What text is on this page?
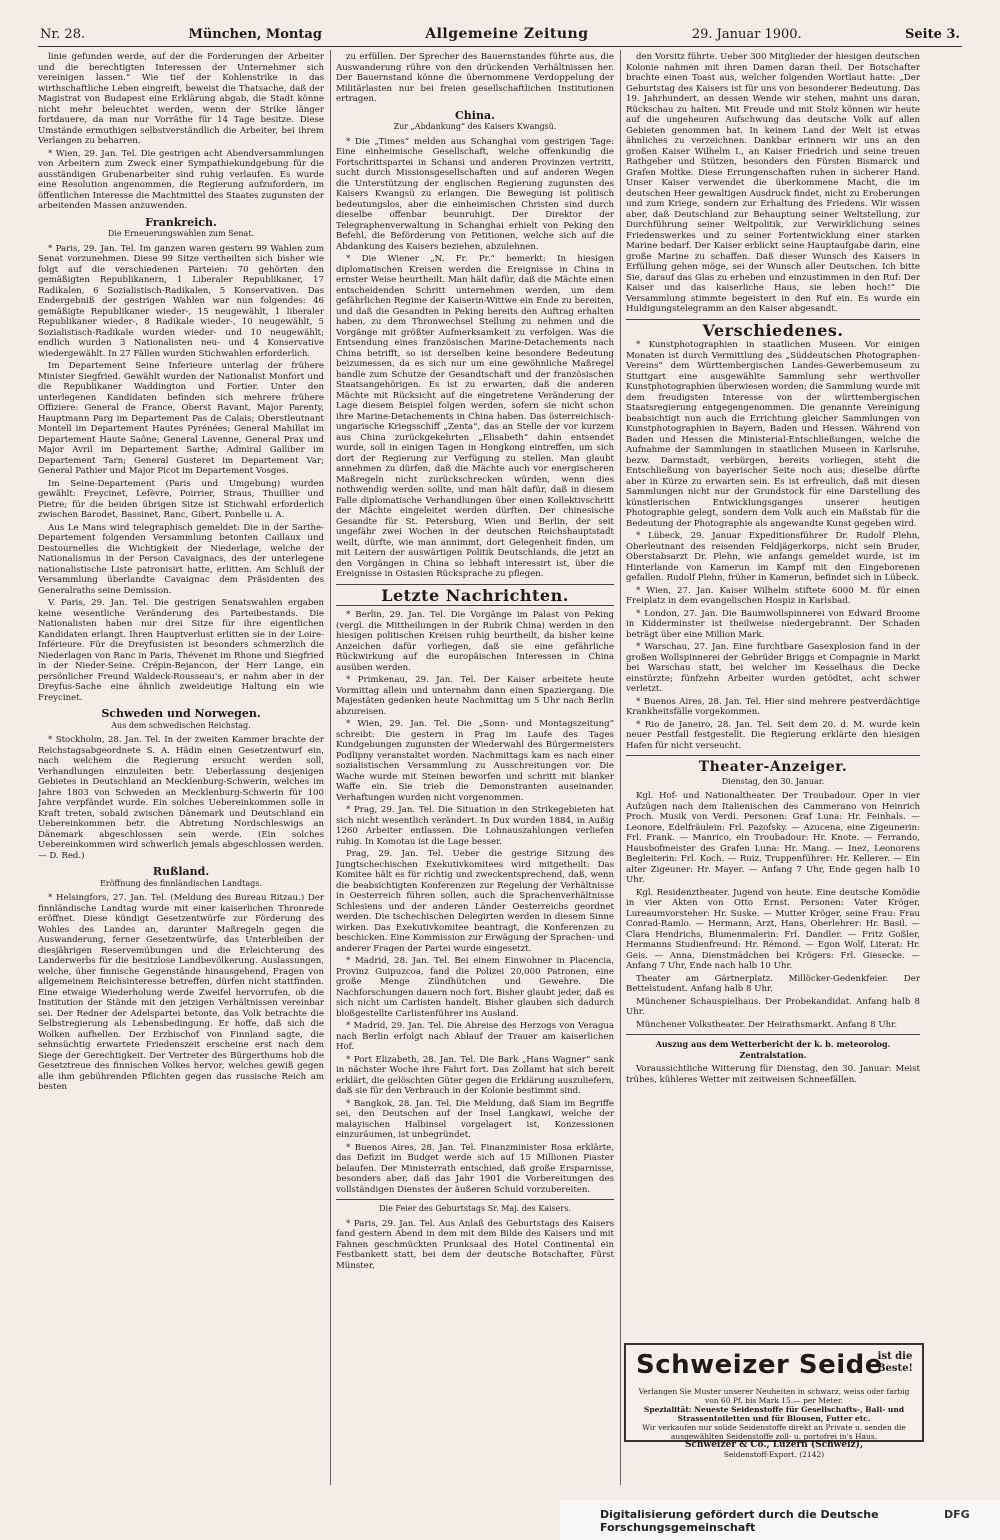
Nr. 28.	München, Montag	Allgemeine Zeitung	29. Januar 1900.	Seite 3.

linie gefunden werde, auf der die Forderungen der Arbeiter und die berechtigten Interessen der Unternehmer sich vereinigen lassen.“ Wie tief der Kohlenstrike in das wirthschaftliche Leben eingreift, beweist die Thatsache, daß der Magistrat von Budapest eine Erklärung abgab, die Stadt könne nicht mehr beleuchtet werden, wenn der Strike länger fortdauere, da man nur Vorräthe für 14 Tage besitze. Diese Umstände ermuthigen selbstverständlich die Arbeiter, bei ihrem Verlangen zu beharren.

* Wien, 29. Jan. Tel. Die gestrigen acht Abendversammlungen von Arbeitern zum Zweck einer Sympathiekundgebung für die ausständigen Grubenarbeiter sind ruhig verlaufen. Es wurde eine Resolution angenommen, die Regierung aufzufordern, im öffentlichen Interesse die Machtmittel des Staates zugunsten der arbeitenden Massen anzuwenden.

Frankreich.
Die Erneuerungswahlen zum Senat.

* Paris, 29. Jan. Tel. Im ganzen waren gestern 99 Wahlen zum Senat vorzunehmen. Diese 99 Sitze vertheilten sich bisher wie folgt auf die verschiedenen Parteien: 70 gehörten den gemäßigten Republikanern, 1 Liberaler Republikaner, 17 Radikalen, 6 Sozialistisch-Radikalen, 5 Konservativen. Das Endergebniß der gestrigen Wahlen war nun folgendes: 46 gemäßigte Republikaner wieder-, 15 neugewählt, 1 liberaler Republikaner wieder-, 8 Radikale wieder-, 10 neugewählt, 5 Sozialistisch-Radikale wurden wieder- und 10 neugewählt; endlich wurden 3 Nationalisten neu- und 4 Konservative wiedergewählt. In 27 Fällen wurden Stichwahlen erforderlich.

Im Departement Seine Inferieure unterlag der frühere Minister Siegfried. Gewählt wurden der Nationalist Monfort und die Republikaner Waddington und Fortier. Unter den unterlegenen Kandidaten befinden sich mehrere frühere Offiziere: General de France, Oberst Ravant, Major Parenty, Hauptmann Parg im Departement Pas de Calais; Oberstleutnant Montell im Departement Hautes Pyrénées; General Mahillat im Departement Haute Saône; General Lavenne, General Prax und Major Avril im Departement Sarthe; Admiral Galliber im Departement Tarn; General Gusteret im Departement Var; General Pathier und Major Picot im Departement Vosges.

Im Seine-Departement (Paris und Umgebung) wurden gewählt: Freycinet, Lefèvre, Poirrier, Straus, Thuillier und Pietre; für die beiden übrigen Sitze ist Stichwahl erforderlich zwischen Barodet, Bassinet, Ranc, Gibert, Ponbelle u. A.

Aus Le Mans wird telegraphisch gemeldet: Die in der Sarthe-Departement folgenden Versammlung betonten Caillaux und Destournelles die Wichtigkeit der Niederlage, welche der Nationalismus in der Person Cavaignacs, des der unterlegene nationalistische Liste patronisirt hatte, erlitten. Am Schluß der Versammlung überlandte Cavaignac dem Präsidenten des Generalraths seine Demission.

V. Paris, 29. Jan. Tel. Die gestrigen Senatswahlen ergaben keine wesentliche Veränderung des Parteibestands. Die Nationalisten haben nur drei Sitze für ihre eigentlichen Kandidaten erlangt. Ihren Hauptverlust erlitten sie in der Loire-Inférieure. Für die Dreyfusisten ist besonders schmerzlich die Niederlagen von Ranc in Paris, Thévenet im Rhone und Siegfried in der Nieder-Seine. Crépin-Bejancon, der Herr Lange, ein persönlicher Freund Waldeck-Rousseau's, er nahm aber in der Dreyfus-Sache eine ähnlich zweideutige Haltung ein wie Freycinet.

Schweden und Norwegen.
Aus dem schwedischen Reichstag.

* Stockholm, 28. Jan. Tel. In der zweiten Kammer brachte der Reichstagsabgeordnete S. A. Hädin einen Gesetzentwurf ein, nach welchem die Regierung ersucht werden soll, Verhandlungen einzuleiten betr. Ueberlassung desjenigen Gebietes in Deutschland an Mecklenburg-Schwerin, welches im Jahre 1803 von Schweden an Mecklenburg-Schwerin für 100 Jahre verpfändet wurde. Ein solches Uebereinkommen solle in Kraft treten, sobald zwischen Dänemark und Deutschland ein Uebereinkommen betr. die Abtretung Nordschleswigs an Dänemark abgeschlossen sein werde. (Ein solches Uebereinkommen wird schwerlich jemals abgeschlossen werden. — D. Red.)

Rußland.
Eröffnung des finnländischen Landtags.

* Helsingfors, 27. Jan. Tel. (Meldung des Bureau Ritzau.) Der finnländische Landtag wurde mit einer kaiserlichen Thronrede eröffnet. Diese kündigt Gesetzentwürfe zur Förderung des Wohles des Landes an, darunter Maßregeln gegen die Auswanderung, ferner Gesetzentwürfe, das Unterbleiben der diesjährigen Reservemübungen und die Erleichterung des Landerwerbs für die besitzlose Landbevölkerung. Auslassungen, welche, über finnische Gegenstände hinausgehend, Fragen von allgemeinem Reichsinteresse betreffen, dürfen nicht stattfinden. Eine etwaige Wiederholung werde Zweifel hervorrufen, ob die Institution der Stände mit den jetzigen Verhältnissen vereinbar sei. Der Redner der Adelspartei betonte, das Volk betrachte die Selbstregierung als Lebensbedingung. Er hoffe, daß sich die Wolken aufhellen. Der Erzbischof von Finnland sagte, die sehnsüchtig erwartete Friedenszeit erscheine erst nach dem Siege der Gerechtigkeit. Der Vertreter des Bürgerthums hob die Gesetztreue des finnischen Volkes hervor, welches gewiß gegen alle ihm gebührenden Pflichten gegen das russische Reich am besten

zu erfüllen. Der Sprecher des Bauernstandes führte aus, die Auswanderung rühre von den drückenden Verhältnissen her. Der Bauernstand könne die übernommene Verdoppelung der Militärlasten nur bei freien gesellschaftlichen Institutionen ertragen.

China.
Zur „Abdankung“ des Kaisers Kwangsü.

* Die „Times“ melden aus Schanghai vom gestrigen Tage: Eine einheimische Gesellschaft, welche offenkundig die Fortschrittspartei in Schansi und anderen Provinzen vertritt, sucht durch Missionsgesellschaften und auf anderen Wegen die Unterstützung der englischen Regierung zugunsten des Kaisers Kwangsü zu erlangen. Die Bewegung ist politisch bedeutungslos, aber die einheimischen Christen sind durch dieselbe offenbar beunruhigt. Der Direktor der Telegraphenverwaltung in Schanghai erhielt von Peking den Befehl, die Beförderung von Petitionen, welche sich auf die Abdankung des Kaisers beziehen, abzulehnen.

* Die Wiener „N. Fr. Pr.“ bemerkt: In hiesigen diplomatischen Kreisen werden die Ereignisse in China in ernster Weise beurtheilt. Man hält dafür, daß die Mächte einen entscheidenden Schritt unternehmen werden, um dem gefährlichen Regime der Kaiserin-Wittwe ein Ende zu bereiten, und daß die Gesandten in Peking bereits den Auftrag erhalten haben, zu dem Thronwechsel Stellung zu nehmen und die Vorgänge mit größter Aufmerksamkeit zu verfolgen. Was die Entsendung eines französischen Marine-Detachements nach China betrifft, so ist derselben keine besondere Bedeutung beizumessen, da es sich nur um eine gewöhnliche Maßregel handle zum Schutze der Gesandtschaft und der französischen Staatsangehörigen. Es ist zu erwarten, daß die anderen Mächte mit Rücksicht auf die eingetretene Veränderung der Lage diesem Beispiel folgen werden, sofern sie nicht schon ihre Marine-Detachements in China haben. Das österreichisch-ungarische Kriegsschiff „Zenta“, das an Stelle der vor kurzem aus China zurückgekehrten „Elisabeth“ dahin entsendet wurde, soll in einigen Tagen in Hongkong eintreffen, um sich dort der Regierung zur Verfügung zu stellen. Man glaubt annehmen zu dürfen, daß die Mächte auch vor energischeren Maßregeln nicht zurückschrecken würden, wenn dies nothwendig werden sollte, und man hält dafür, daß in diesem Falle diplomatische Verhandlungen über einen Kollektivschritt der Mächte eingeleitet werden dürften. Der chinesische Gesandte für St. Petersburg, Wien und Berlin, der seit ungefähr zwei Wochen in der deutschen Reichshauptstadt weilt, dürfte, wie man annimmt, dort Gelegenheit finden, um mit Leitern der auswärtigen Politik Deutschlands, die jetzt an den Vorgängen in China so lebhaft interessirt ist, über die Ereignisse in Ostasien Rücksprache zu pflegen.

Letzte Nachrichten.

* Berlin, 29. Jan. Tel. Die Vorgänge im Palast von Peking (vergl. die Mittheilungen in der Rubrik China) werden in den hiesigen politischen Kreisen ruhig beurtheilt, da bisher keine Anzeichen dafür vorliegen, daß sie eine gefährliche Rückwirkung auf die europäischen Interessen in China ausüben werden.

* Primkenau, 29. Jan. Tel. Der Kaiser arbeitete heute Vormittag allein und unternahm dann einen Spaziergang. Die Majestäten gedenken heute Nachmittag um 5 Uhr nach Berlin abzureisen.

* Wien, 29. Jan. Tel. Die „Sonn- und Montagszeitung“ schreibt: Die gestern in Prag im Laufe des Tages Kundgebungen zugunsten der Wiederwahl des Bürgermeisters Podlipny veranstaltet worden. Nachmittags kam es nach einer sozialistischen Versammlung zu Ausschreitungen vor. Die Wache wurde mit Steinen beworfen und schritt mit blanker Waffe ein. Sie trieb die Demonstranten auseinander. Verhaftungen wurden nicht vorgenommen.

* Prag, 29. Jan. Tel. Die Situation in den Strikegebieten hat sich nicht wesentlich verändert. In Dux wurden 1884, in Außig 1260 Arbeiter entlassen. Die Lohnauszahlungen verliefen ruhig. In Komotau ist die Lage besser.

Prag, 29. Jan. Tel. Ueber die gestrige Sitzung des Jungtschechischen Exekutivkomitees wird mitgetheilt: Das Komitee hält es für richtig und zweckentsprechend, daß, wenn die beabsichtigten Konferenzen zur Regelung der Verhältnisse in Oesterreich führen sollen, auch die Sprachenverhältnisse Schlesiens und der anderen Länder Oesterreichs geordnet werden. Die tschechischen Delegirten werden in diesem Sinne wirken. Das Exekutivkomitee beantragt, die Konferenzen zu beschicken. Eine Kommission zur Erwägung der Sprachen- und anderer Fragen der Partei wurde eingesetzt.

* Madrid, 28. Jan. Tel. Bei einem Einwohner in Placencia, Provinz Guipuzcoa, fand die Polizei 20,000 Patronen, eine große Menge Zündhütchen und Gewehre. Die Nachforschungen dauern noch fort. Bisher glaubt jeder, daß es sich nicht um Carlisten handelt. Bisher glauben sich dadurch bloßgestellte Carlistenführer ins Ausland.

* Madrid, 29. Jan. Tel. Die Abreise des Herzogs von Veragua nach Berlin erfolgt nach Ablauf der Trauer am kaiserlichen Hof.

* Port Elizabeth, 28. Jan. Tel. Die Bark „Hans Wagner“ sank in nächster Woche ihre Fahrt fort. Das Zollamt hat sich bereit erklärt, die gelöschten Güter gegen die Erklärung auszuliefern, daß sie für den Verbrauch in der Kolonie bestimmt sind.

* Bangkok, 28. Jan. Tel. Die Meldung, daß Siam im Begriffe sei, den Deutschen auf der Insel Langkawi, welche der malayischen Halbinsel vorgelagert ist, Konzessionen einzuräumen, ist unbegründet.

* Buenos Aires, 28. Jan. Tel. Finanzminister Rosa erklärte, das Defizit im Budget werde sich auf 15 Millionen Piaster belaufen. Der Ministerrath entschied, daß große Ersparnisse, besonders aber, daß das Jahr 1901 die Vorbereitungen des vollständigen Dienstes der äußeren Schuld vorzubereiten.

Die Feier des Geburtstags Sr. Maj. des Kaisers.

* Paris, 29. Jan. Tel. Aus Anlaß des Geburtstags des Kaisers fand gestern Abend in dem mit dem Bilde des Kaisers und mit Fahnen geschmückten Prunksaal des Hotel Continental ein Festbankett statt, bei dem der deutsche Botschafter, Fürst Münster,

den Vorsitz führte. Ueber 300 Mitglieder der hiesigen deutschen Kolonie nahmen mit ihren Damen daran theil. Der Botschafter brachte einen Toast aus, welcher folgenden Wortlaut hatte: „Der Geburtstag des Kaisers ist für uns von besonderer Bedeutung. Das 19. Jahrhundert, an dessen Wende wir stehen, mahnt uns daran, Rückschau zu halten. Mit Freude und mit Stolz können wir heute auf die ungeheuren Aufschwung das deutsche Volk auf allen Gebieten genommen hat. In keinem Land der Welt ist etwas ähnliches zu verzeichnen. Dankbar erinnern wir uns an den großen Kaiser Wilhelm I., an Kaiser Friedrich und seine treuen Rathgeber und Stützen, besonders den Fürsten Bismarck und Grafen Moltke. Diese Errungenschaften ruhen in sicherer Hand. Unser Kaiser verwendet die überkommene Macht, die im deutschen Heer gewaltigen Ausdruck findet, nicht zu Eroberungen und zum Kriege, sondern zur Erhaltung des Friedens. Wir wissen aber, daß Deutschland zur Behauptung seiner Weltstellung, zur Durchführung seiner Weltpolitik, zur Verwirklichung seines Friedenswerkes und zu seiner Fortentwicklung einer starken Marine bedarf. Der Kaiser erblickt seine Hauptaufgabe darin, eine große Marine zu schaffen. Daß dieser Wunsch des Kaisers in Erfüllung gehen möge, sei der Wunsch aller Deutschen. Ich bitte Sie, darauf das Glas zu erheben und einzustimmen in den Ruf: Der Kaiser und das kaiserliche Haus, sie leben hoch!“ Die Versammlung stimmte begeistert in den Ruf ein. Es wurde ein Huldigungstelegramm an den Kaiser abgesandt.

Verschiedenes.

* Kunstphotographien in staatlichen Museen. Vor einigen Monaten ist durch Vermittlung des „Süddeutschen Photographen-Vereins“ dem Württembergischen Landes-Gewerbemuseum zu Stuttgart eine ausgewählte Sammlung sehr werthvoller Kunstphotographien überwiesen worden; die Sammlung wurde mit dem freudigsten Interesse von der württembergischen Staatsregierung entgegengenommen. Die genannte Vereinigung beabsichtigt nun auch die Errichtung gleicher Sammlungen von Kunstphotographien in Bayern, Baden und Hessen. Während von Baden und Hessen die Ministerial-Entschließungen, welche die Aufnahme der Sammlungen in staatlichen Museen in Karlsruhe, bezw. Darmstadt, verbürgen, bereits vorliegen, steht die Entschließung von bayerischer Seite noch aus; dieselbe dürfte aber in Kürze zu erwarten sein. Es ist erfreulich, daß mit diesen Sammlungen nicht nur der Grundstock für eine Darstellung des künstlerischen Entwicklungsganges unserer heutigen Photographie gelegt, sondern dem Volk auch ein Maßstab für die Bedeutung der Photographie als angewandte Kunst gegeben wird.

* Lübeck, 29. Januar Expeditionsführer Dr. Rudolf Plehn, Oberleutnant des reisenden Feldjägerkorps, nicht sein Bruder, Oberstabsarzt Dr. Plehn, wie anfangs gemeldet wurde, ist im Hinterlande von Kamerun im Kampf mit den Eingeborenen gefallen. Rudolf Plehn, früher in Kamerun, befindet sich in Lübeck.

* Wien, 27. Jan. Kaiser Wilhelm stiftete 6000 M. für einen Freiplatz in dem evangelischen Hospiz in Karlsbad.

* London, 27. Jan. Die Baumwollspinnerei von Edward Broome in Kidderminster ist theilweise niedergebrannt. Der Schaden beträgt über eine Million Mark.

* Warschau, 27. Jan. Eine furchtbare Gasexplosion fand in der großen Wollspinnerei der Gebrüder Briggs et Compagnie in Markt bei Warschau statt, bei welcher im Kesselhaus die Decke einstürzte; fünfzehn Arbeiter wurden getödtet, acht schwer verletzt.

* Buenos Aires, 28. Jan. Tel. Hier sind mehrere pestverdächtige Krankheitsfälle vorgekommen.

* Rio de Janeiro, 28. Jan. Tel. Seit dem 20. d. M. wurde kein neuer Pestfall festgestellt. Die Regierung erklärte den hiesigen Hafen für nicht verseucht.

Theater-Anzeiger.
Dienstag, den 30. Januar.

Kgl. Hof- und Nationaltheater. Der Troubadour. Oper in vier Aufzügen nach dem Italienischen des Cammerano von Heinrich Proch. Musik von Verdi. Personen: Graf Luna: Hr. Feinhals. — Leonore, Edelfräulein: Frl. Pazofsky. — Azucena, eine Zigeunerin: Frl. Frank. — Manrico, ein Troubadour: Hr. Knote. — Ferrando, Hausbofmeister des Grafen Luna: Hr. Mang. — Inez, Leonorens Begleiterin: Frl. Koch. — Ruiz, Truppenführer: Hr. Kellerer. — Ein alter Zigeuner: Hr. Mayer. — Anfang 7 Uhr, Ende gegen halb 10 Uhr.

Kgl. Residenztheater. Jugend von heute. Eine deutsche Komödie in vier Akten von Otto Ernst. Personen: Vater Kröger, Lureaumvorsteher: Hr. Suske. — Mutter Kröger, seine Frau: Frau Conrad-Ramlo. — Hermann, Arzt, Hans, Oberlehrer: Hr. Basil. — Clara Hendrichs, Blumenmalerin: Frl. Dandler. — Fritz Goßler, Hermanns Studienfreund: Hr. Rémond. — Egon Wolf, Literat: Hr. Geis. — Anna, Dienstmädchen bei Krögers: Frl. Giesecke. — Anfang 7 Uhr, Ende nach halb 10 Uhr.

Theater am Gärtnerplatz. Millöcker-Gedenkfeier. Der Bettelstudent. Anfang halb 8 Uhr.

Münchener Schauspielhaus. Der Probekandidat. Anfang halb 8 Uhr.

Münchener Volkstheater. Der Heirathsmarkt. Anfang 8 Uhr.

Auszug aus dem Wetterbericht der k. b. meteorolog. Zentralstation.

Voraussichtliche Witterung für Dienstag, den 30. Januar: Meist trübes, kühleres Wetter mit zeitweisen Schneefällen.

Schweizer Seide
ist die Beste!
Verlangen Sie Muster unserer Neuheiten in schwarz, weiss oder farbig von 60 Pf. bis Mark 15.— per Meter.
Spezialität: Neueste Seidenstoffe für Gesellschafts-, Ball- und Strassentoiletten und für Blousen, Futter etc.
Wir verkaufen nur solide Seidenstoffe direkt an Private u. senden die ausgewählten Seidenstoffe zoll- u. portofrei in's Haus.
Schweizer & Co., Luzern (Schweiz),
Seidenstoff-Export. (2142)
Digitalisierung gefördert durch die Deutsche Forschungsgemeinschaft
DFG
